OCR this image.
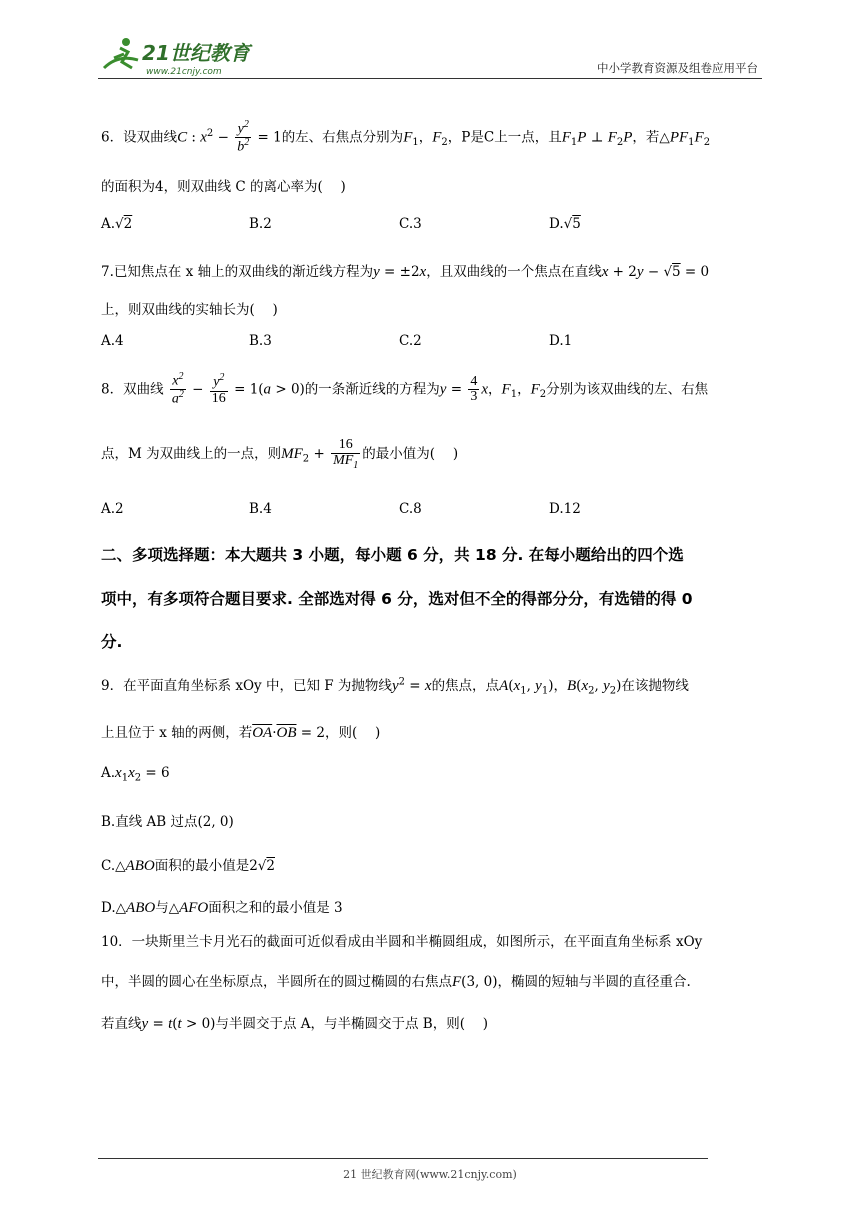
21世纪教育
www.21cnjy.com	中小学教育资源及组卷应用平台
6．设双曲线C : $x^2 - \frac{y^2}{b^2} = 1$的左、右焦点分别为$F_1$，$F_2$，P是C上一点，且$F_1P$ ⊥ $F_2P$，若$\triangle PF_1F_2$
的面积为4，则双曲线 C 的离心率为(　 )
A.√2	B.2	C.3	D.√5
7.已知焦点在 x 轴上的双曲线的渐近线方程为y = ±2x，且双曲线的一个焦点在直线x + 2y − √5 = 0
上，则双曲线的实轴长为(　 )
A.4	B.3	C.2	D.1
8．双曲线 $\frac{x^2}{a^2} - \frac{y^2}{16} = 1(a > 0)$的一条渐近线的方程为$y = \frac{4}{3}$ x，$F_1$，$F_2$分别为该双曲线的左、右焦
点，M 为双曲线上的一点，则$MF_2 + \frac{16}{MF_1}$ 的最小值为(　 )
A.2	B.4	C.8	D.12
二、多项选择题：本大题共 3 小题，每小题 6 分，共 18 分. 在每小题给出的四个选
项中，有多项符合题目要求. 全部选对得 6 分，选对但不全的得部分分，有选错的得 0
分.
9．在平面直角坐标系 xOy 中，已知 F 为抛物线$y^2 = x$的焦点，点$A(x_1$, $y_1$)，$B(x_2$, $y_2$)在该抛物线
上且位于 x 轴的两侧，若$\overline{OA}\cdot\overline{OB} = 2$，则(　 )
$A.x_1x_2 = 6$
B.直线 AB 过点(2, 0)
C.△ABO面积的最小值是2√2
D.△ABO与△AFO面积之和的最小值是 3
10．一块斯里兰卡月光石的截面可近似看成由半圆和半椭圆组成，如图所示，在平面直角坐标系 xOy
中，半圆的圆心在坐标原点，半圆所在的圆过椭圆的右焦点F(3, 0)，椭圆的短轴与半圆的直径重合.
若直线y = t(t > 0)与半圆交于点 A，与半椭圆交于点 B，则(　 )
21 世纪教育网(www.21cnjy.com)
